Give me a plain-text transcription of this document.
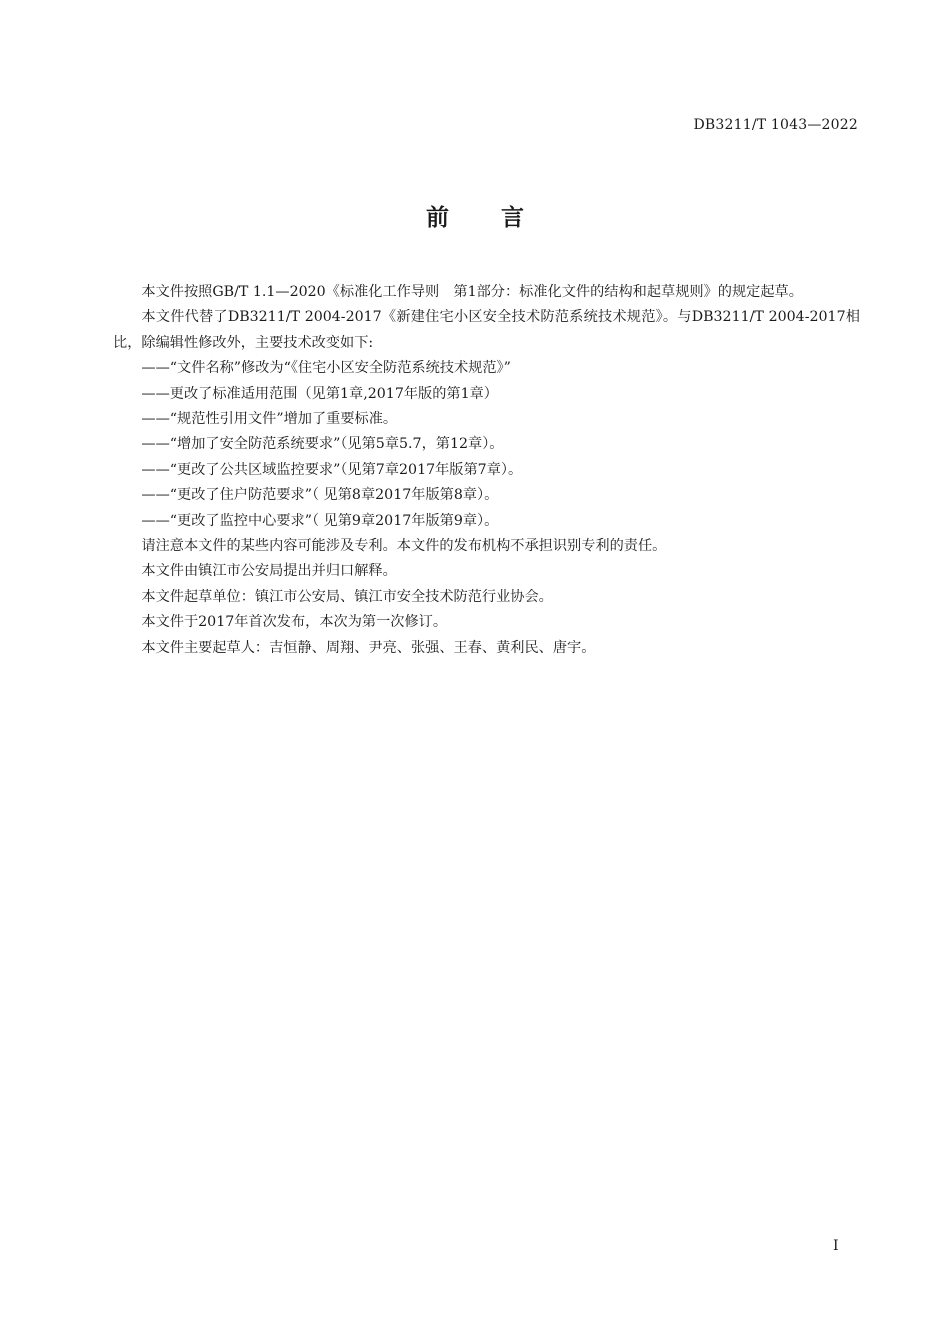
DB3211/T 1043—2022
前言

本文件按照GB/T 1.1—2020《标准化工作导则　第1部分：标准化文件的结构和起草规则》的规定起草。

本文件代替了DB3211/T 2004-2017《新建住宅小区安全技术防范系统技术规范》。与DB3211/T 2004-2017相比，除编辑性修改外，主要技术改变如下:

——“文件名称”修改为“《住宅小区安全防范系统技术规范》”

——更改了标准适用范围（见第1章,2017年版的第1章）

——“规范性引用文件”增加了重要标准。

——“增加了安全防范系统要求”（见第5章5.7，第12章）。

——“更改了公共区域监控要求”（见第7章2017年版第7章）。

——“更改了住户防范要求”（ 见第8章2017年版第8章）。

——“更改了监控中心要求”（ 见第9章2017年版第9章）。

请注意本文件的某些内容可能涉及专利。本文件的发布机构不承担识别专利的责任。

本文件由镇江市公安局提出并归口解释。

本文件起草单位：镇江市公安局、镇江市安全技术防范行业协会。

本文件于2017年首次发布，本次为第一次修订。

本文件主要起草人：吉恒静、周翔、尹亮、张强、王春、黄利民、唐宇。

I
